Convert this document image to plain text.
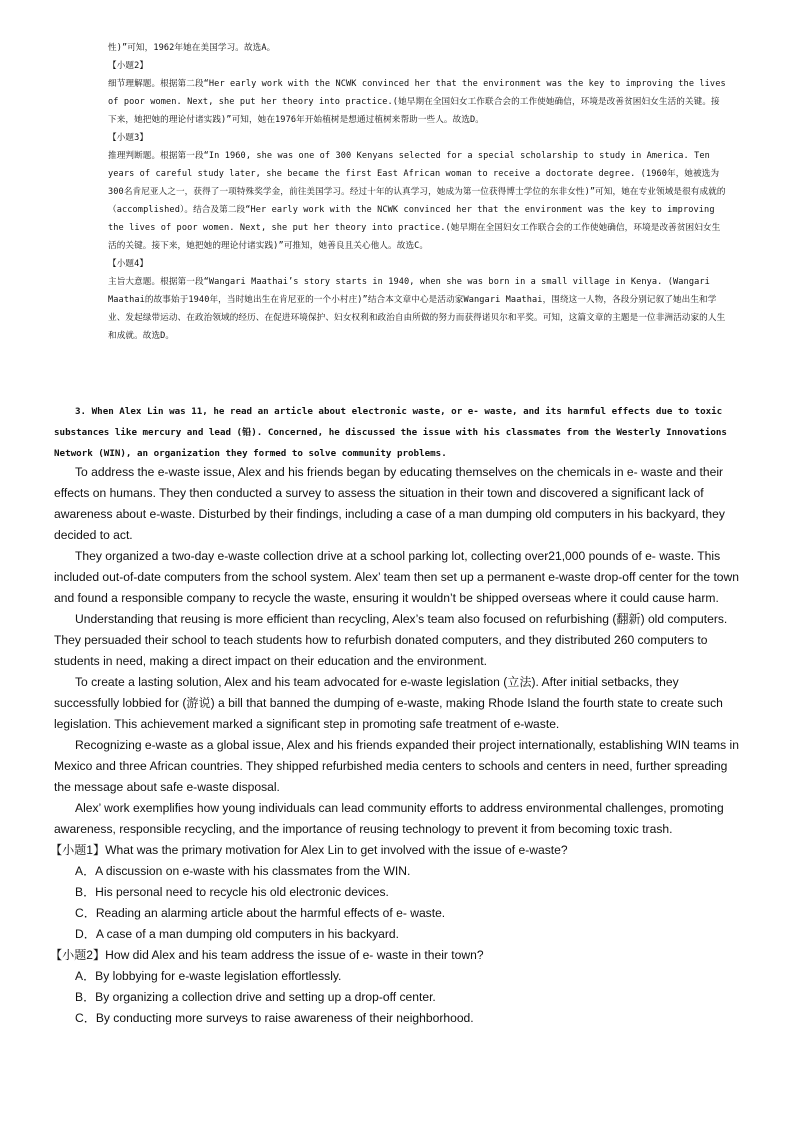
性)”可知，1962年她在美国学习。故选A。

【小题2】

细节理解题。根据第二段“Her early work with the NCWK convinced her that the environment was the key to improving the lives of poor women. Next, she put her theory into practice.(她早期在全国妇女工作联合会的工作使她确信，环境是改善贫困妇女生活的关键。接下来，她把她的理论付诸实践)”可知，她在1976年开始植树是想通过植树来帮助一些人。故选D。

【小题3】

推理判断题。根据第一段“In 1960, she was one of 300 Kenyans selected for a special scholarship to study in America. Ten years of careful study later, she became the first East African woman to receive a doctorate degree. (1960年，她被选为300名肯尼亚人之一，获得了一项特殊奖学金，前往美国学习。经过十年的认真学习，她成为第一位获得博士学位的东非女性)”可知，她在专业领域是很有成就的（accomplished）。结合及第二段“Her early work with the NCWK convinced her that the environment was the key to improving the lives of poor women. Next, she put her theory into practice.(她早期在全国妇女工作联合会的工作使她确信，环境是改善贫困妇女生活的关键。接下来，她把她的理论付诸实践)”可推知，她善良且关心他人。故选C。

【小题4】

主旨大意题。根据第一段“Wangari Maathai’s story starts in 1940, when she was born in a small village in Kenya. (Wangari Maathai的故事始于1940年，当时她出生在肯尼亚的一个小村庄)”结合本文章中心是活动家Wangari Maathai，围绕这一人物，各段分别记叙了她出生和学业、发起绿带运动、在政治领域的经历、在促进环境保护、妇女权利和政治自由所做的努力而获得诺贝尔和平奖。可知，这篇文章的主题是一位非洲活动家的人生和成就。故选D。

3. When Alex Lin was 11, he read an article about electronic waste, or e- waste, and its harmful effects due to toxic substances like mercury and lead (铅). Concerned, he discussed the issue with his classmates from the Westerly Innovations Network (WIN), an organization they formed to solve community problems.

To address the e-waste issue, Alex and his friends began by educating themselves on the chemicals in e- waste and their effects on humans. They then conducted a survey to assess the situation in their town and discovered a significant lack of awareness about e-waste. Disturbed by their findings, including a case of a man dumping old computers in his backyard, they decided to act.

They organized a two-day e-waste collection drive at a school parking lot, collecting over21,000 pounds of e- waste. This included out-of-date computers from the school system. Alex’ team then set up a permanent e-waste drop-off center for the town and found a responsible company to recycle the waste, ensuring it wouldn’t be shipped overseas where it could cause harm.

Understanding that reusing is more efficient than recycling, Alex’s team also focused on refurbishing (翻新) old computers. They persuaded their school to teach students how to refurbish donated computers, and they distributed 260 computers to students in need, making a direct impact on their education and the environment.

To create a lasting solution, Alex and his team advocated for e-waste legislation (立法). After initial setbacks, they successfully lobbied for (游说) a bill that banned the dumping of e-waste, making Rhode Island the fourth state to create such legislation. This achievement marked a significant step in promoting safe treatment of e-waste.

Recognizing e-waste as a global issue, Alex and his friends expanded their project internationally, establishing WIN teams in Mexico and three African countries. They shipped refurbished media centers to schools and centers in need, further spreading the message about safe e-waste disposal.

Alex’ work exemplifies how young individuals can lead community efforts to address environmental challenges, promoting awareness, responsible recycling, and the importance of reusing technology to prevent it from becoming toxic trash.

【小题1】What was the primary motivation for Alex Lin to get involved with the issue of e-waste?

A．A discussion on e-waste with his classmates from the WIN.

B．His personal need to recycle his old electronic devices.

C．Reading an alarming article about the harmful effects of e- waste.

D．A case of a man dumping old computers in his backyard.

【小题2】How did Alex and his team address the issue of e- waste in their town?

A．By lobbying for e-waste legislation effortlessly.

B．By organizing a collection drive and setting up a drop-off center.

C．By conducting more surveys to raise awareness of their neighborhood.
